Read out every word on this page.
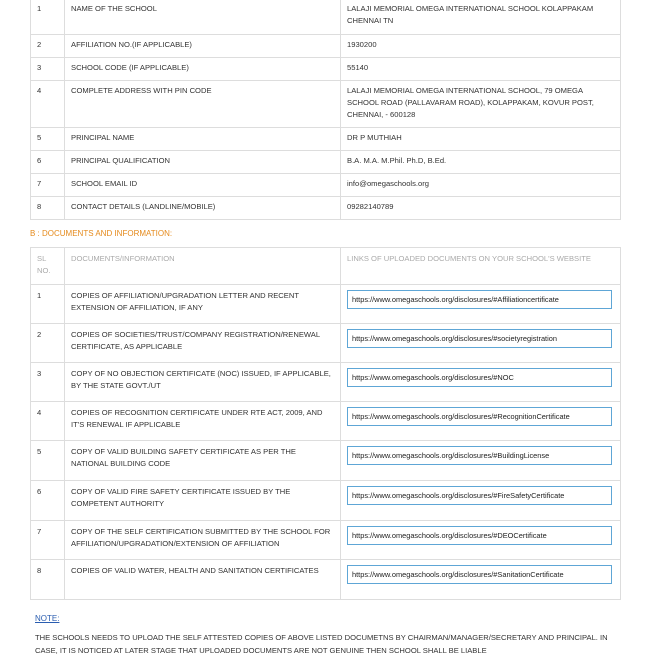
1	NAME OF THE SCHOOL	LALAJI MEMORIAL OMEGA INTERNATIONAL SCHOOL KOLAPPAKAM CHENNAI TN
2	AFFILIATION NO.(IF APPLICABLE)	1930200
3	SCHOOL CODE (IF APPLICABLE)	55140
4	COMPLETE ADDRESS WITH PIN CODE	LALAJI MEMORIAL OMEGA INTERNATIONAL SCHOOL, 79 OMEGA SCHOOL ROAD (PALLAVARAM ROAD), KOLAPPAKAM, KOVUR POST, CHENNAI, - 600128
5	PRINCIPAL NAME	DR P MUTHIAH
6	PRINCIPAL QUALIFICATION	B.A. M.A. M.Phil. Ph.D, B.Ed.
7	SCHOOL EMAIL ID	info@omegaschools.org
8	CONTACT DETAILS (LANDLINE/MOBILE)	09282140789
B : DOCUMENTS AND INFORMATION:
SL NO.	DOCUMENTS/INFORMATION	LINKS OF UPLOADED DOCUMENTS ON YOUR SCHOOL'S WEBSITE
1	COPIES OF AFFILIATION/UPGRADATION LETTER AND RECENT EXTENSION OF AFFILIATION, IF ANY	https://www.omegaschools.org/disclosures/#Affiliationcertificate

2	COPIES OF SOCIETIES/TRUST/COMPANY REGISTRATION/RENEWAL CERTIFICATE, AS APPLICABLE	https://www.omegaschools.org/disclosures/#societyregistration

3	COPY OF NO OBJECTION CERTIFICATE (NOC) ISSUED, IF APPLICABLE, BY THE STATE GOVT./UT	https://www.omegaschools.org/disclosures/#NOC

4	COPIES OF RECOGNITION CERTIFICATE UNDER RTE ACT, 2009, AND IT'S RENEWAL IF APPLICABLE	https://www.omegaschools.org/disclosures/#RecognitionCertificate

5	COPY OF VALID BUILDING SAFETY CERTIFICATE AS PER THE NATIONAL BUILDING CODE	https://www.omegaschools.org/disclosures/#BuildingLicense

6	COPY OF VALID FIRE SAFETY CERTIFICATE ISSUED BY THE COMPETENT AUTHORITY	https://www.omegaschools.org/disclosures/#FireSafetyCertificate

7	COPY OF THE SELF CERTIFICATION SUBMITTED BY THE SCHOOL FOR AFFILIATION/UPGRADATION/EXTENSION OF AFFILIATION	https://www.omegaschools.org/disclosures/#DEOCertificate

8	COPIES OF VALID WATER, HEALTH AND SANITATION CERTIFICATES	https://www.omegaschools.org/disclosures/#SanitationCertificate
NOTE:
THE SCHOOLS NEEDS TO UPLOAD THE SELF ATTESTED COPIES OF ABOVE LISTED DOCUMETNS BY CHAIRMAN/MANAGER/SECRETARY AND PRINCIPAL. IN CASE, IT IS NOTICED AT LATER STAGE THAT UPLOADED DOCUMENTS ARE NOT GENUINE THEN SCHOOL SHALL BE LIABLE
